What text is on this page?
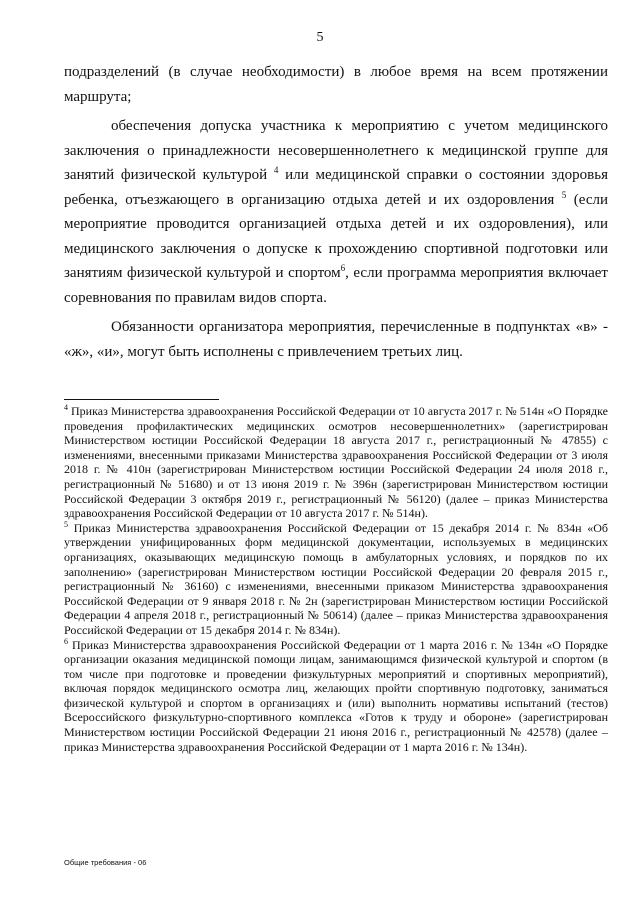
5

подразделений (в случае необходимости) в любое время на всем протяжении маршрута;

обеспечения допуска участника к мероприятию с учетом медицинского заключения о принадлежности несовершеннолетнего к медицинской группе для занятий физической культурой $^4$ или медицинской справки о состоянии здоровья ребенка, отъезжающего в организацию отдыха детей и их оздоровления $^5$ (если мероприятие проводится организацией отдыха детей и их оздоровления), или медицинского заключения о допуске к прохождению спортивной подготовки или занятиям физической культурой и спортом$^6$, если программа мероприятия включает соревнования по правилам видов спорта.

Обязанности организатора мероприятия, перечисленные в подпунктах «в» - «ж», «и», могут быть исполнены с привлечением третьих лиц.

$^4$ Приказ Министерства здравоохранения Российской Федерации от 10 августа 2017 г. № 514н «О Порядке проведения профилактических медицинских осмотров несовершеннолетних» (зарегистрирован Министерством юстиции Российской Федерации 18 августа 2017 г., регистрационный № 47855) с изменениями, внесенными приказами Министерства здравоохранения Российской Федерации от 3 июля 2018 г. № 410н (зарегистрирован Министерством юстиции Российской Федерации 24 июля 2018 г., регистрационный № 51680) и от 13 июня 2019 г. № 396н (зарегистрирован Министерством юстиции Российской Федерации 3 октября 2019 г., регистрационный № 56120) (далее – приказ Министерства здравоохранения Российской Федерации от 10 августа 2017 г. № 514н).

$^5$ Приказ Министерства здравоохранения Российской Федерации от 15 декабря 2014 г. № 834н «Об утверждении унифицированных форм медицинской документации, используемых в медицинских организациях, оказывающих медицинскую помощь в амбулаторных условиях, и порядков по их заполнению» (зарегистрирован Министерством юстиции Российской Федерации 20 февраля 2015 г., регистрационный № 36160) с изменениями, внесенными приказом Министерства здравоохранения Российской Федерации от 9 января 2018 г. № 2н (зарегистрирован Министерством юстиции Российской Федерации 4 апреля 2018 г., регистрационный № 50614) (далее – приказ Министерства здравоохранения Российской Федерации от 15 декабря 2014 г. № 834н).

$^6$ Приказ Министерства здравоохранения Российской Федерации от 1 марта 2016 г. № 134н «О Порядке организации оказания медицинской помощи лицам, занимающимся физической культурой и спортом (в том числе при подготовке и проведении физкультурных мероприятий и спортивных мероприятий), включая порядок медицинского осмотра лиц, желающих пройти спортивную подготовку, заниматься физической культурой и спортом в организациях и (или) выполнить нормативы испытаний (тестов) Всероссийского физкультурно-спортивного комплекса «Готов к труду и обороне» (зарегистрирован Министерством юстиции Российской Федерации 21 июня 2016 г., регистрационный № 42578) (далее – приказ Министерства здравоохранения Российской Федерации от 1 марта 2016 г. № 134н).

Общие требования - 06
